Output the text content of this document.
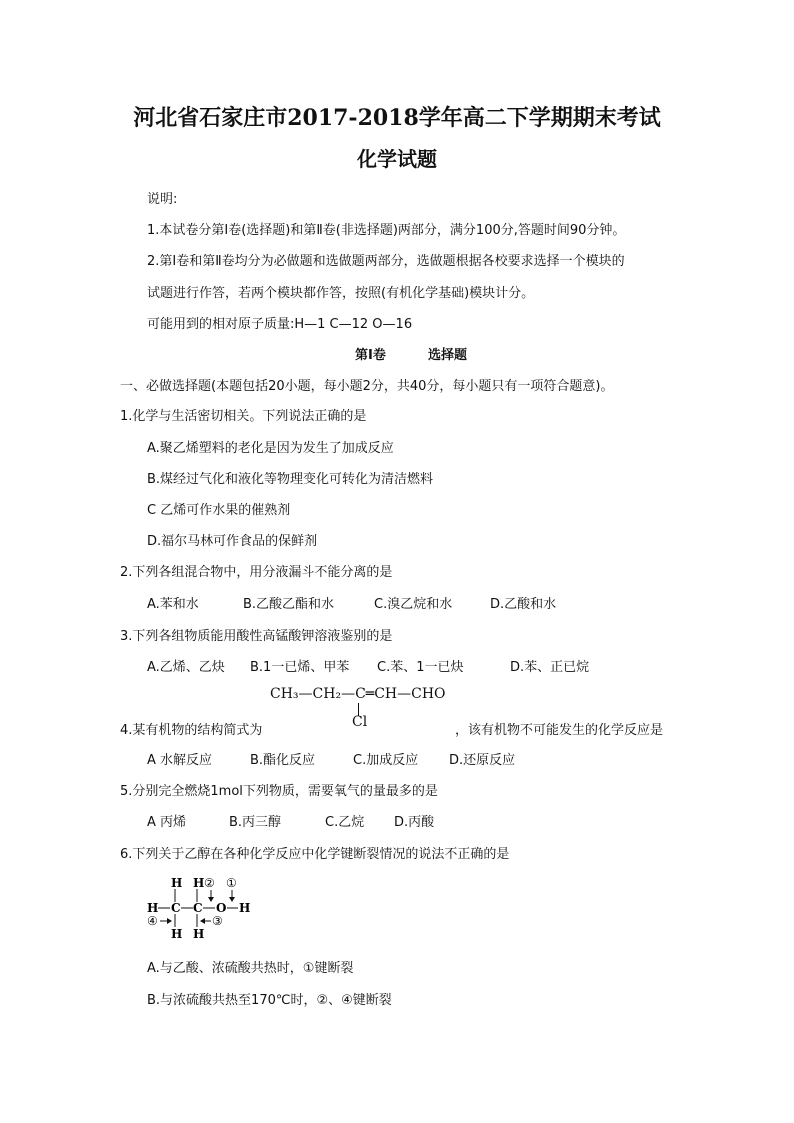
河北省石家庄市2017-2018学年高二下学期期末考试
化学试题
说明:
1.本试卷分第Ⅰ卷(选择题)和第Ⅱ卷(非选择题)两部分，满分100分,答题时间90分钟。
2.第Ⅰ卷和第Ⅱ卷均分为必做题和选做题两部分，选做题根据各校要求选择一个模块的
试题进行作答，若两个模块都作答，按照(有机化学基础)模块计分。
可能用到的相对原子质量:H—1 C—12 O—16
第Ⅰ卷	选择题
一、必做选择题(本题包括20小题，每小题2分，共40分，每小题只有一项符合题意)。
1.化学与生活密切相关。下列说法正确的是
A.聚乙烯塑料的老化是因为发生了加成反应
B.煤经过气化和液化等物理变化可转化为清洁燃料
C 乙烯可作水果的催熟剂
D.福尔马林可作食品的保鲜剂
2.下列各组混合物中，用分液漏斗不能分离的是
A.苯和水	B.乙酸乙酯和水	C.溴乙烷和水	D.乙酸和水
3.下列各组物质能用酸性高锰酸钾溶液鉴别的是
A.乙烯、乙炔 B.1一已烯、甲苯 C.苯、1一已炔	D.苯、正已烷
CH₃—CH₂—C═CH—CHO
Cl
4.某有机物的结构简式为	，该有机物不可能发生的化学反应是
A 水解反应	B.酯化反应	C.加成反应 D.还原反应
5.分别完全燃烧1mol下列物质，需要氧气的量最多的是
A 丙烯	B.丙三醇	C.乙烷 D.丙酸
6.下列关于乙醇在各种化学反应中化学键断裂情况的说法不正确的是
H H ② ①
H C C O H
④	③
H H
A.与乙酸、浓硫酸共热时，①键断裂
B.与浓硫酸共热至170℃时，②、④键断裂
